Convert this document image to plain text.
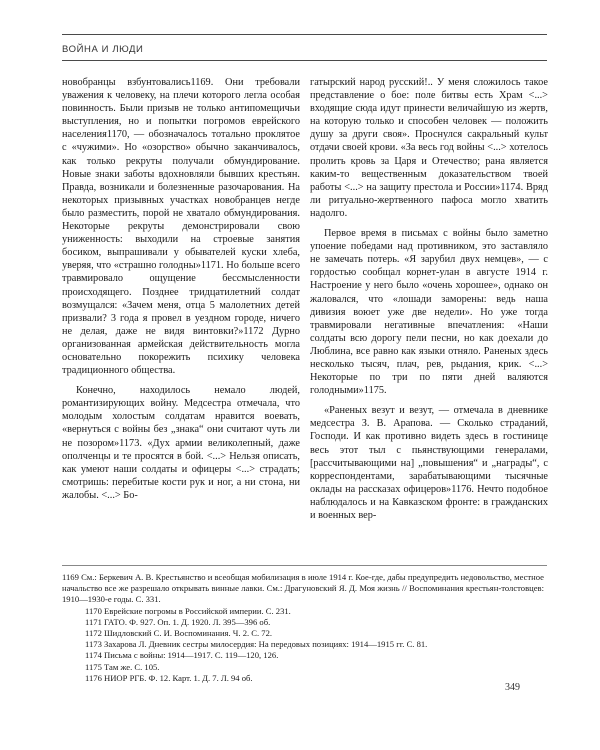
ВОЙНА И ЛЮДИ

новобранцы взбунтовались1169. Они требовали уважения к человеку, на плечи которого легла особая повинность. Были призыв не только антипомещичьи выступления, но и попытки погромов еврейского населения1170, — обозначалось тотально проклятое с «чужими». Но «озорство» обычно заканчивалось, как только рекруты получали обмундирование. Новые знаки заботы вдохновляли бывших крестьян. Правда, возникали и болезненные разочарования. На некоторых призывных участках новобранцев негде было разместить, порой не хватало обмундирования. Некоторые рекруты демонстрировали свою униженность: выходили на строевые занятия босиком, выпрашивали у обывателей куски хлеба, уверяя, что «страшно голодны»1171. Но больше всего травмировало ощущение бессмысленности происходящего. Позднее тридцатилетний солдат возмущался: «Зачем меня, отца 5 малолетних детей призвали? 3 года я провел в уездном городе, ничего не делая, даже не видя винтовки?»1172 Дурно организованная армейская действительность могла основательно покорежить психику человека традиционного общества.

Конечно, находилось немало людей, романтизирующих войну. Медсестра отмечала, что молодым холостым солдатам нравится воевать, «вернуться с войны без „знака“ они считают чуть ли не позором»1173. «Дух армии великолепный, даже ополченцы и те просятся в бой. <...> Нельзя описать, как умеют наши солдаты и офицеры <...> страдать; смотришь: перебитые кости рук и ног, а ни стона, ни жалобы. <...> Бо-

гатырский народ русский!.. У меня сложилось такое представление о бое: поле битвы есть Храм <...> входящие сюда идут принести величайшую из жертв, на которую только и способен человек — положить душу за други своя». Проснулся сакральный культ отдачи своей крови. «За весь год войны <...> хотелось пролить кровь за Царя и Отечество; рана является каким-то вещественным доказательством твоей работы <...> на защиту престола и России»1174. Вряд ли ритуально-жертвенного пафоса могло хватить надолго.

Первое время в письмах с войны было заметно упоение победами над противником, это заставляло не замечать потерь. «Я зарубил двух немцев», — с гордостью сообщал корнет-улан в августе 1914 г. Настроение у него было «очень хорошее», однако он жаловался, что «лошади заморены: ведь наша дивизия воюет уже две недели». Но уже тогда травмировали негативные впечатления: «Наши солдаты всю дорогу пели песни, но как доехали до Люблина, все равно как языки отняло. Раненых здесь несколько тысяч, плач, рев, рыдания, крик. <...> Некоторые по три по пяти дней валяются голодными»1175.

«Раненых везут и везут, — отмечала в дневнике медсестра З. В. Арапова. — Сколько страданий, Господи. И как противно видеть здесь в гостинице весь этот тыл с пьянствующими генералами, [рассчитывающими на] „повышения“ и „награды“, с корреспондентами, зарабатывающими тысячные оклады на рассказах офицеров»1176. Нечто подобное наблюдалось и на Кавказском фронте: в гражданских и военных вер-

1169 См.: Беркевич А. В. Крестьянство и всеобщая мобилизация в июле 1914 г. Кое-где, дабы предупредить недовольство, местное начальство все же разрешало открывать винные лавки. См.: Драгуновский Я. Д. Моя жизнь // Воспоминания крестьян-толстовцев: 1910—1930-е годы. С. 331.

1170 Еврейские погромы в Российской империи. С. 231.

1171 ГАТО. Ф. 927. Оп. 1. Д. 1920. Л. 395—396 об.

1172 Шидловский С. И. Воспоминания. Ч. 2. С. 72.

1173 Захарова Л. Дневник сестры милосердия: На передовых позициях: 1914—1915 гг. С. 81.

1174 Письма с войны: 1914—1917. С. 119—120, 126.

1175 Там же. С. 105.

1176 НИОР РГБ. Ф. 12. Карт. 1. Д. 7. Л. 94 об.

349
